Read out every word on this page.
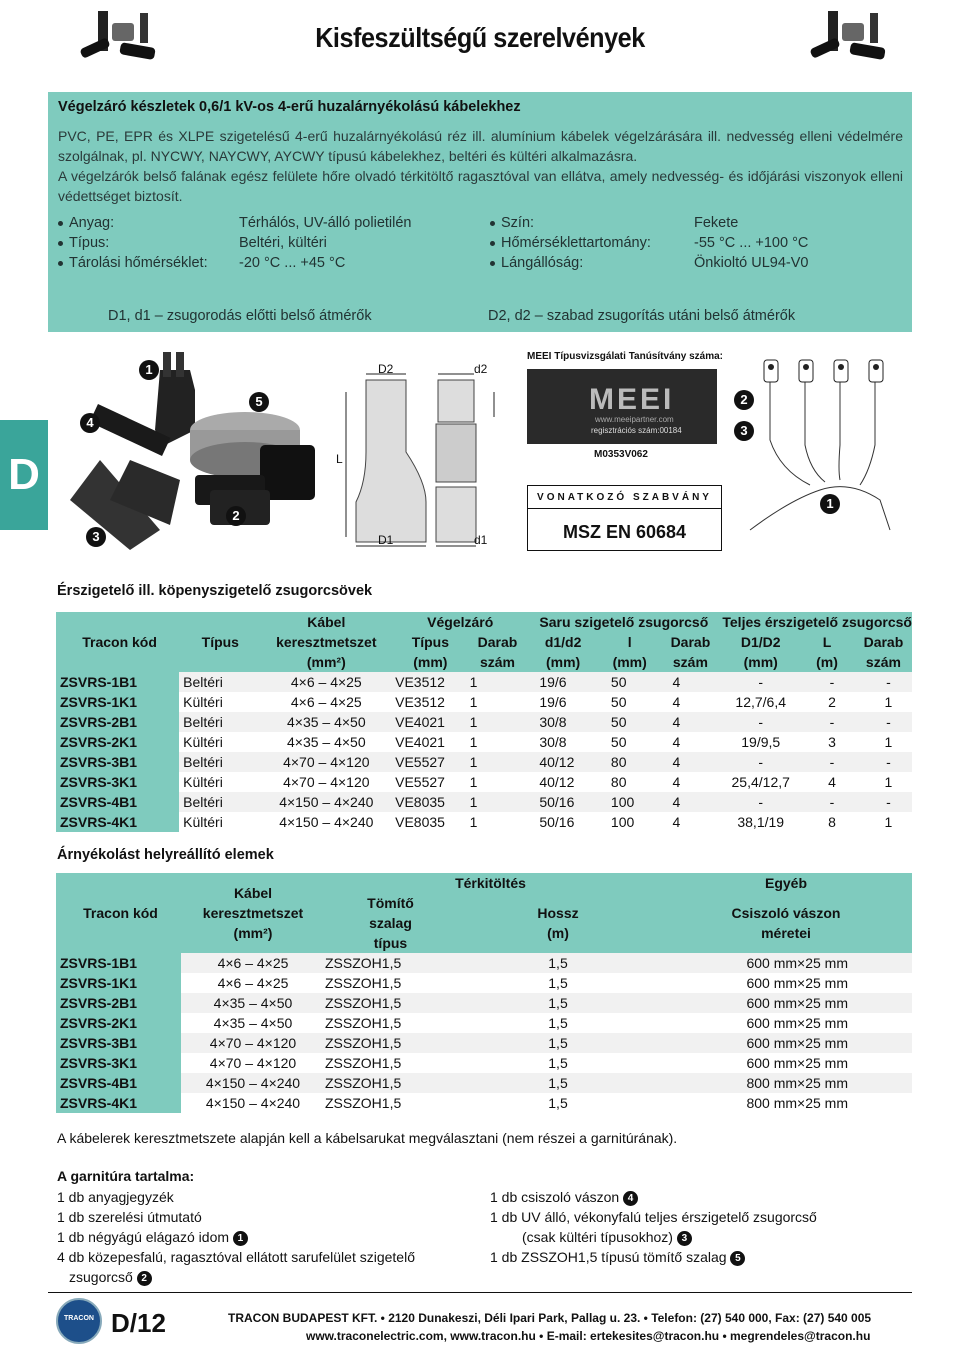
Kisfeszültségű szerelvények
Végelzáró készletek 0,6/1 kV-os 4-erű huzalárnyékolású kábelekhez
PVC, PE, EPR és XLPE szigetelésű 4-erű huzalárnyékolású réz ill. alumínium kábelek végelzárására ill. nedvesség elleni védelmére szolgálnak, pl. NYCWY, NAYCWY, AYCWY típusú kábelekhez, beltéri és kültéri alkalmazásra.
A végelzárók belső falának egész felülete hőre olvadó térkitöltő ragasztóval van ellátva, amely nedvesség- és időjárási viszonyok elleni védettséget biztosít.
Anyag:	Térhálós, UV-álló polietilén
Típus:	Beltéri, kültéri
Tárolási hőmérséklet: -20 °C ... +45 °C
Szín:	Fekete
Hőmérséklettartomány:	-55 °C ... +100 °C
Lángállóság:	Önkioltó UL94-V0
D1, d1 – zsugorodás előtti belső átmérők	D2, d2 – szabad zsugorítás utáni belső átmérők
D
1
5
4
2
3
D2	d2
L
D1	d1
MEEI Típusvizsgálati Tanúsítvány száma:
MEEI
www.meeipartner.com
regisztrációs szám:00184
M0353V062
VONATKOZÓ SZABVÁNY
MSZ EN 60684
2
3
1
Érszigetelő ill. köpenyszigetelő zsugorcsövek
Tracon kód	Típus	Kábel keresztmetszet (mm²)	Végelzáró		Saru szigetelő zsugorcső			Teljes érszigetelő zsugorcső		

			Típus (mm)	Darab szám	d1/d2 (mm)	l (mm)	Darab szám	D1/D2 (mm)	L (m)	Darab szám

ZSVRS-1B1	Beltéri	4×6 – 4×25	VE3512	1	19/6	50	4	-	-	-
ZSVRS-1K1	Kültéri	4×6 – 4×25	VE3512	1	19/6	50	4	12,7/6,4	2	1
ZSVRS-2B1	Beltéri	4×35 – 4×50	VE4021	1	30/8	50	4	-	-	-
ZSVRS-2K1	Kültéri	4×35 – 4×50	VE4021	1	30/8	50	4	19/9,5	3	1
ZSVRS-3B1	Beltéri	4×70 – 4×120	VE5527	1	40/12	80	4	-	-	-
ZSVRS-3K1	Kültéri	4×70 – 4×120	VE5527	1	40/12	80	4	25,4/12,7	4	1
ZSVRS-4B1	Beltéri	4×150 – 4×240	VE8035	1	50/16	100	4	-	-	-
ZSVRS-4K1	Kültéri	4×150 – 4×240	VE8035	1	50/16	100	4	38,1/19	8	1
Árnyékolást helyreállító elemek
Tracon kód	Kábel keresztmetszet (mm²)	Térkitöltés		Egyéb

		Tömítő szalag típus	Hossz (m)	Csiszoló vászon méretei

ZSVRS-1B1	4×6 – 4×25	ZSSZOH1,5	1,5	600 mm×25 mm
ZSVRS-1K1	4×6 – 4×25	ZSSZOH1,5	1,5	600 mm×25 mm
ZSVRS-2B1	4×35 – 4×50	ZSSZOH1,5	1,5	600 mm×25 mm
ZSVRS-2K1	4×35 – 4×50	ZSSZOH1,5	1,5	600 mm×25 mm
ZSVRS-3B1	4×70 – 4×120	ZSSZOH1,5	1,5	600 mm×25 mm
ZSVRS-3K1	4×70 – 4×120	ZSSZOH1,5	1,5	600 mm×25 mm
ZSVRS-4B1	4×150 – 4×240	ZSSZOH1,5	1,5	800 mm×25 mm
ZSVRS-4K1	4×150 – 4×240	ZSSZOH1,5	1,5	800 mm×25 mm
A kábelerek keresztmetszete alapján kell a kábelsarukat megválasztani (nem részei a garnitúrának).
A garnitúra tartalma:
1 db anyagjegyzék
1 db szerelési útmutató
1 db négyágú elágazó idom 1
4 db közepesfalú, ragasztóval ellátott sarufelület szigetelő
zsugorcső 2
1 db csiszoló vászon 4
1 db UV álló, vékonyfalú teljes érszigetelő zsugorcső
(csak kültéri típusokhoz) 3
1 db ZSSZOH1,5 típusú tömítő szalag 5
TRACON D/12	TRACON BUDAPEST KFT. • 2120 Dunakeszi, Déli Ipari Park, Pallag u. 23. • Telefon: (27) 540 000, Fax: (27) 540 005
www.traconelectric.com, www.tracon.hu • E-mail: ertekesites@tracon.hu • megrendeles@tracon.hu
